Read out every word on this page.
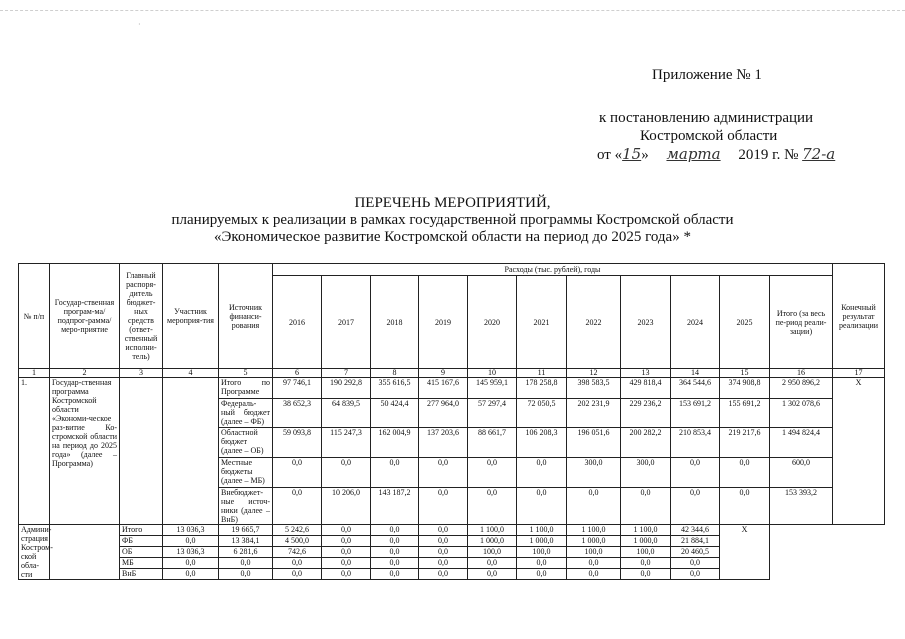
·
Приложение № 1
к постановлению администрации
Костромской области
от «15» марта 2019 г. № 72-а
ПЕРЕЧЕНЬ МЕРОПРИЯТИЙ,
планируемых к реализации в рамках государственной программы Костромской области
«Экономическое развитие Костромской области на период до 2025 года» *
№ п/п	Государ-ственная програм-ма/подпрог-рамма/меро-приятие	Главный распоря-дитель бюджет-ных средств (ответ-ственный исполни-тель)	Участник мероприя-тия	Источник финанси-рования	Расходы (тыс. рублей), годы											Конечный результат реализации
					2016	2017	2018	2019	2020	2021	2022	2023	2024	2025	Итого (за весь пе-риод реали-зации)	
1	2	3	4	5	6	7	8	9	10	11	12	13	14	15	16	17
1.	Государ-ственная программа Костромской области «Экономи-ческое раз-витие Ко-стромской области на период до 2025 года» (далее – Программа)			Итого по Программе	97 746,1	190 292,8	355 616,5	415 167,6	145 959,1	178 258,8	398 583,5	429 818,4	364 544,6	374 908,8	2 950 896,2	Х
				Федераль-ный бюджет (далее – ФБ)	38 652,3	64 839,5	50 424,4	277 964,0	57 297,4	72 050,5	202 231,9	229 236,2	153 691,2	155 691,2	1 302 078,6	
				Областной бюджет (далее – ОБ)	59 093,8	115 247,3	162 004,9	137 203,6	88 661,7	106 208,3	196 051,6	200 282,2	210 853,4	219 217,6	1 494 824,4	
				Местные бюджеты (далее – МБ)	0,0	0,0	0,0	0,0	0,0	0,0	300,0	300,0	0,0	0,0	600,0	
				Внебюджет-ные источ-ники (далее – ВнБ)	0,0	10 206,0	143 187,2	0,0	0,0	0,0	0,0	0,0	0,0	0,0	153 393,2	
Админи-страция Костром-ской обла-сти		Итого	13 036,3	19 665,7	5 242,6	0,0	0,0	0,0	1 100,0	1 100,0	1 100,0	1 100,0	42 344,6	Х		
		ФБ	0,0	13 384,1	4 500,0	0,0	0,0	0,0	1 000,0	1 000,0	1 000,0	1 000,0	21 884,1			
		ОБ	13 036,3	6 281,6	742,6	0,0	0,0	0,0	100,0	100,0	100,0	100,0	20 460,5			
		МБ	0,0	0,0	0,0	0,0	0,0	0,0	0,0	0,0	0,0	0,0	0,0			
		ВнБ	0,0	0,0	0,0	0,0	0,0	0,0	0,0	0,0	0,0	0,0	0,0			
